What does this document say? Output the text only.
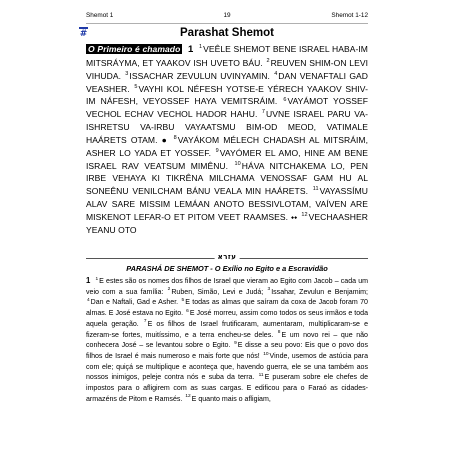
Shemot 1	19	Shemot 1-12
#	Parashat Shemot
O Primeiro é chamado 1 $^1$VEÊLE SHEMOT BENE ISRAEL HABA-IM MITSRÁYMA, ET YAAKOV ISH UVETO BÁU. $^2$REUVEN SHIM-ON LEVI VIHUDA. $^3$ISSACHAR ZEVULUN UVINYAMIN. $^4$DAN VENAFTALI GAD VEASHER. $^5$VAYHI KOL NÉFESH YOTSE-E YÉRECH YAAKOV SHIV-IM NÁFESH, VEYOSSEF HAYA VEMITSRÁIM. $^6$VAYÁMOT YOSSEF VECHOL ECHAV VECHOL HADOR HAHU. $^7$UVNE ISRAEL PARU VA-ISHRETSU VA-IRBU VAYAATSMU BIM-OD MEOD, VATIMALE HAÁRETS OTAM. ● $^8$VAYÁKOM MÉLECH CHADASH AL MITSRÁIM, ASHER LO YADA ET YOSSEF. $^9$VAYÓMER EL AMO, HINE AM BENE ISRAEL RAV VEATSUM MIMÊNU. $^{10}$HÁVA NITCHAKEMA LO, PEN IRBE VEHAYA KI TIKRÊNA MILCHAMA VENOSSAF GAM HU AL SONEÊNU VENILCHAM BÁNU VEALA MIN HAÁRETS. $^{11}$VAYASSÍMU ALAV SARE MISSIM LEMÁAN ANOTO BESSIVLOTAM, VAÍVEN ARE MISKENOT LEFAR-O ET PITOM VEET RAAMSES. ⬩⬩ $^{12}$VECHAASHER YEANU OTO
עזרא
PARASHÁ DE SHEMOT - O Exílio no Egito e a Escravidão
1 $^1$E estes são os nomes dos filhos de Israel que vieram ao Egito com Jacob – cada um veio com a sua família: $^2$Ruben, Simão, Levi e Judá; $^3$Issahar, Zevulun e Benjamim; $^4$Dan e Naftali, Gad e Asher. $^5$E todas as almas que saíram da coxa de Jacob foram 70 almas. E José estava no Egito. $^6$E José morreu, assim como todos os seus irmãos e toda aquela geração. $^7$E os filhos de Israel frutificaram, aumentaram, multiplicaram-se e fizeram-se fortes, muitíssimo, e a terra encheu-se deles. $^8$E um novo rei – que não conhecera José – se levantou sobre o Egito. $^9$E disse a seu povo: Eis que o povo dos filhos de Israel é mais numeroso e mais forte que nós! $^{10}$Vinde, usemos de astúcia para com ele; quiçá se multiplique e aconteça que, havendo guerra, ele se una também aos nossos inimigos, peleje contra nós e suba da terra. $^{11}$E puseram sobre ele chefes de impostos para o afligirem com as suas cargas. E edificou para o Faraó as cidades-armazéns de Pitom e Ramsés. $^{12}$E quanto mais o afligiam,
